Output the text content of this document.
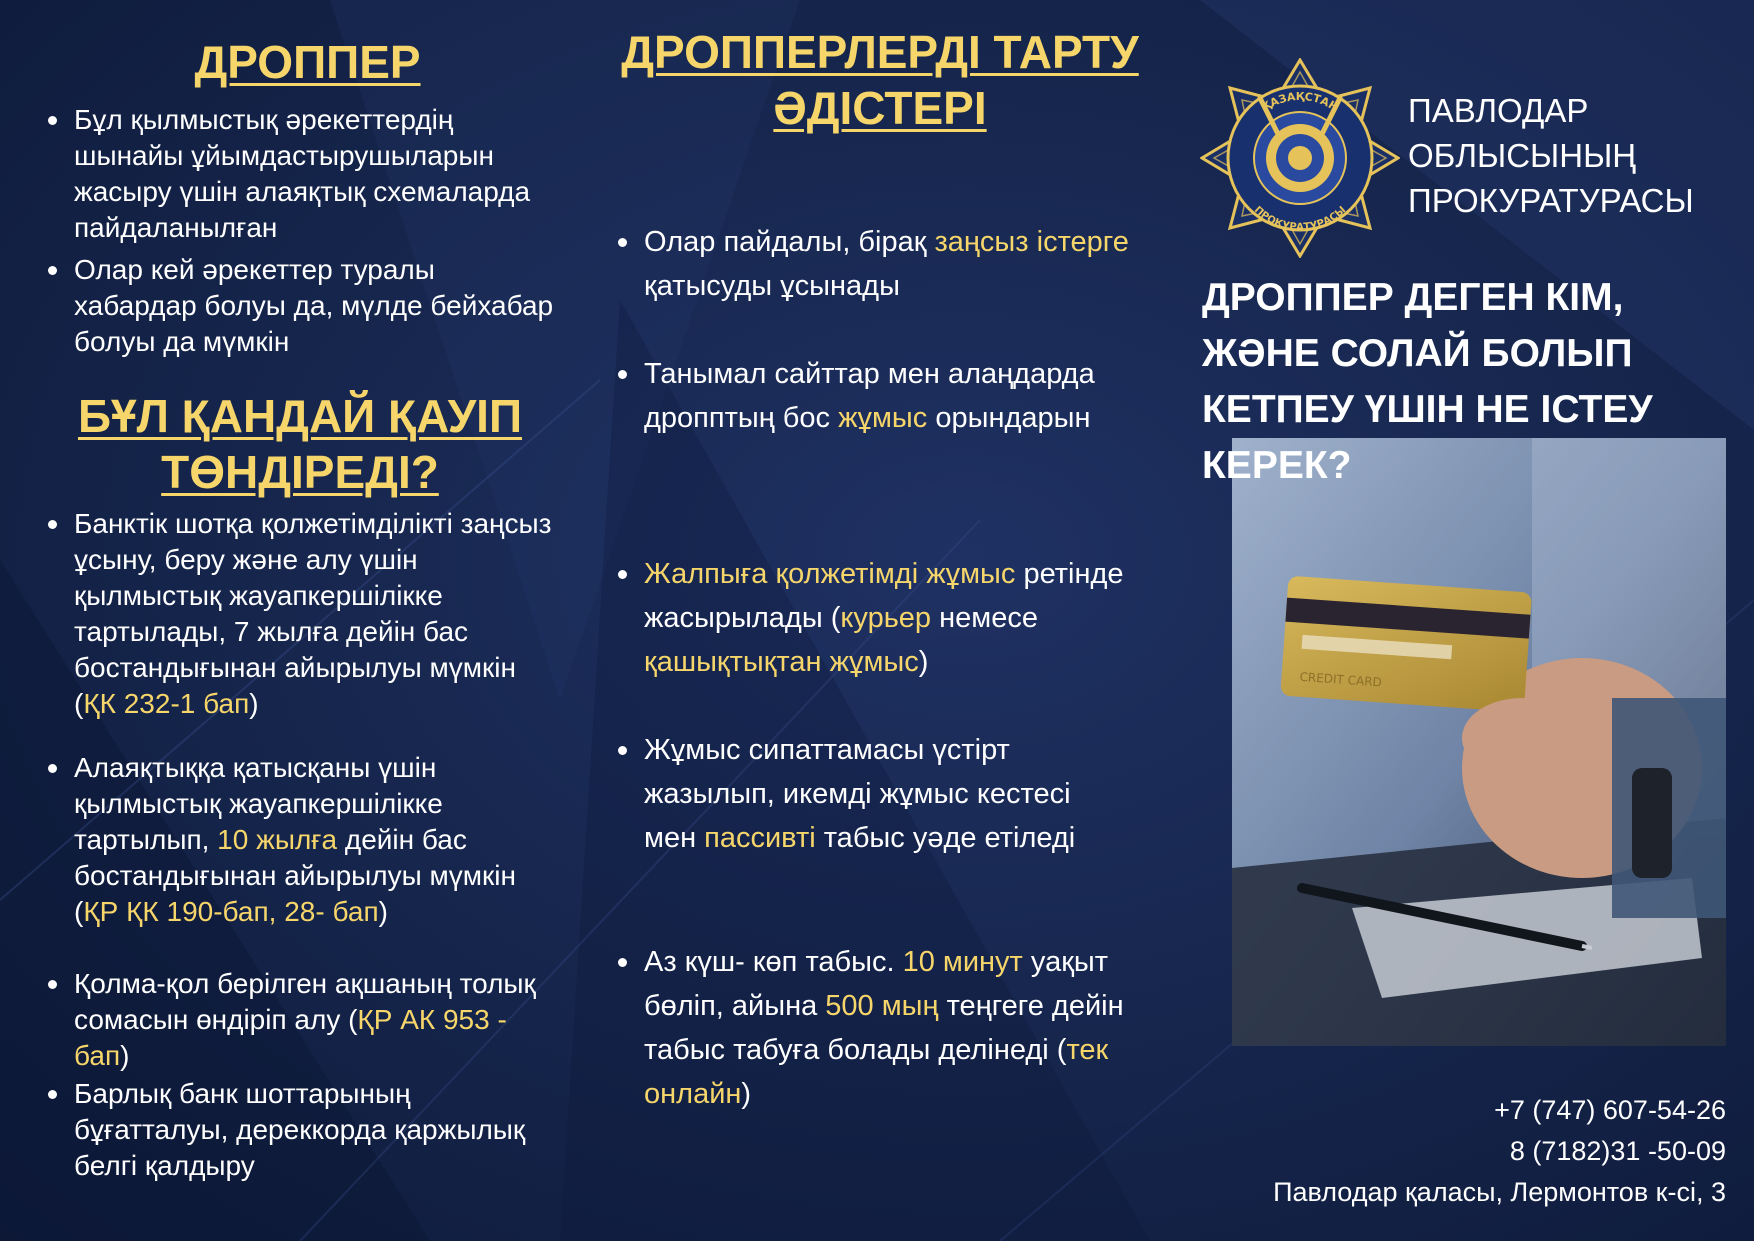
ДРОППЕР
Бұл қылмыстық әрекеттердің шынайы ұйымдастырушыларын жасыру үшін алаяқтық схемаларда пайдаланылған
Олар кей әрекеттер туралы хабардар болуы да, мүлде бейхабар болуы да мүмкін
БҰЛ ҚАНДАЙ ҚАУІП
ТӨНДІРЕДІ?
Банктік шотқа қолжетімділікті заңсыз ұсыну, беру және алу үшін қылмыстық жауапкершілікке тартылады, 7 жылға дейін бас бостандығынан айырылуы мүмкін (ҚК 232-1 бап)
Алаяқтыққа қатысқаны үшін қылмыстық жауапкершілікке тартылып, 10 жылға дейін бас бостандығынан айырылуы мүмкін (ҚР ҚК 190-бап, 28- бап)
Қолма-қол берілген ақшаның толық сомасын өндіріп алу (ҚР АК 953 - бап)
Барлық банк шоттарының бұғатталуы, дереккорда қаржылық белгі қалдыру
ДРОППЕРЛЕРДІ ТАРТУ
ӘДІСТЕРІ
Олар пайдалы, бірақ заңсыз істерге қатысуды ұсынады
Танымал сайттар мен алаңдарда дропптың бос жұмыс орындарын
Жалпыға қолжетімді жұмыс ретінде жасырылады (курьер немесе қашықтықтан жұмыс)
Жұмыс сипаттамасы үстірт жазылып, икемді жұмыс кестесі мен пассивті табыс уәде етіледі
Аз күш- көп табыс. 10 минут уақыт бөліп, айына 500 мың теңгеге дейін табыс табуға болады делінеді (тек онлайн)
ҚАЗАҚСТАН
ПРОКУРАТУРАСЫ
ПАВЛОДАР
ОБЛЫСЫНЫҢ
ПРОКУРАТУРАСЫ
CREDIT CARD
ДРОППЕР ДЕГЕН КІМ,
ЖӘНЕ СОЛАЙ БОЛЫП
КЕТПЕУ ҮШІН НЕ ІСТЕУ
КЕРЕК?
+7 (747) 607-54-26
8 (7182)31 -50-09
Павлодар қаласы, Лермонтов к-сі, 3
